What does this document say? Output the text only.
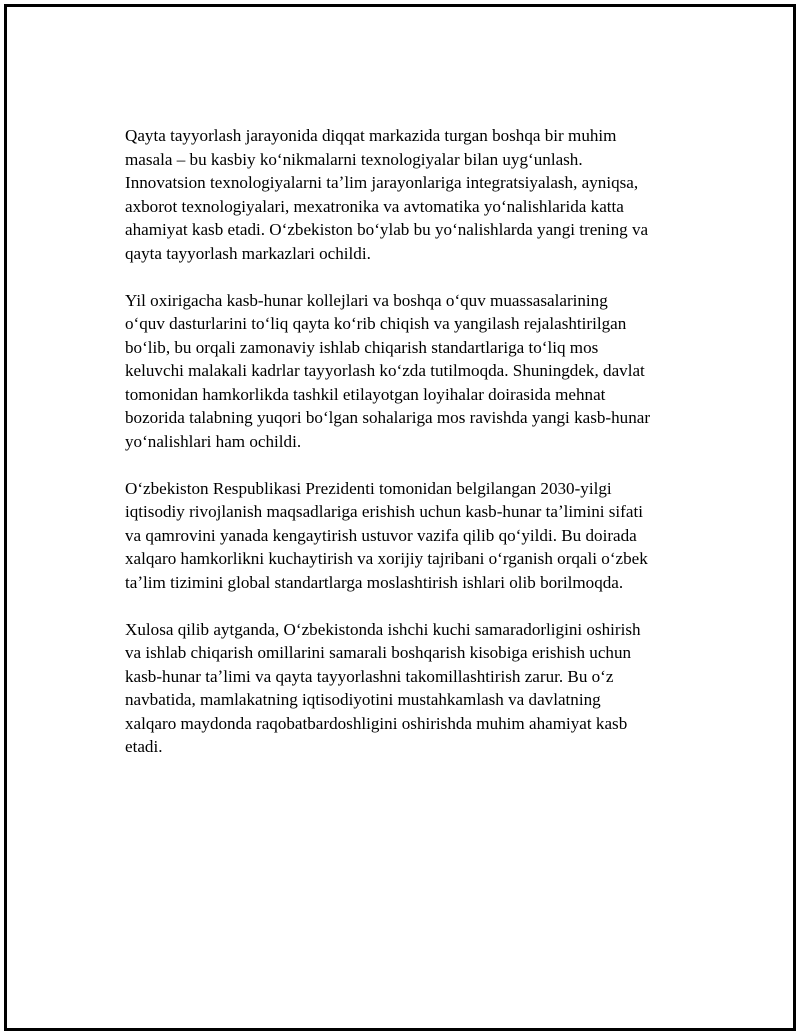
Qayta tayyorlash jarayonida diqqat markazida turgan boshqa bir muhim
masala – bu kasbiy koʻnikmalarni texnologiyalar bilan uygʻunlash.
Innovatsion texnologiyalarni taʼlim jarayonlariga integratsiyalash, ayniqsa,
axborot texnologiyalari, mexatronika va avtomatika yoʻnalishlarida katta
ahamiyat kasb etadi. Oʻzbekiston boʻylab bu yoʻnalishlarda yangi trening va
qayta tayyorlash markazlari ochildi.

Yil oxirigacha kasb-hunar kollejlari va boshqa oʻquv muassasalarining
oʻquv dasturlarini toʻliq qayta koʻrib chiqish va yangilash rejalashtirilgan
boʻlib, bu orqali zamonaviy ishlab chiqarish standartlariga toʻliq mos
keluvchi malakali kadrlar tayyorlash koʻzda tutilmoqda. Shuningdek, davlat
tomonidan hamkorlikda tashkil etilayotgan loyihalar doirasida mehnat
bozorida talabning yuqori boʻlgan sohalariga mos ravishda yangi kasb-hunar
yoʻnalishlari ham ochildi.

Oʻzbekiston Respublikasi Prezidenti tomonidan belgilangan 2030-yilgi
iqtisodiy rivojlanish maqsadlariga erishish uchun kasb-hunar taʼlimini sifati
va qamrovini yanada kengaytirish ustuvor vazifa qilib qoʻyildi. Bu doirada
xalqaro hamkorlikni kuchaytirish va xorijiy tajribani oʻrganish orqali oʻzbek
taʼlim tizimini global standartlarga moslashtirish ishlari olib borilmoqda.

Xulosa qilib aytganda, Oʻzbekistonda ishchi kuchi samaradorligini oshirish
va ishlab chiqarish omillarini samarali boshqarish kisobiga erishish uchun
kasb-hunar taʼlimi va qayta tayyorlashni takomillashtirish zarur. Bu oʻz
navbatida, mamlakatning iqtisodiyotini mustahkamlash va davlatning
xalqaro maydonda raqobatbardoshligini oshirishda muhim ahamiyat kasb
etadi.
